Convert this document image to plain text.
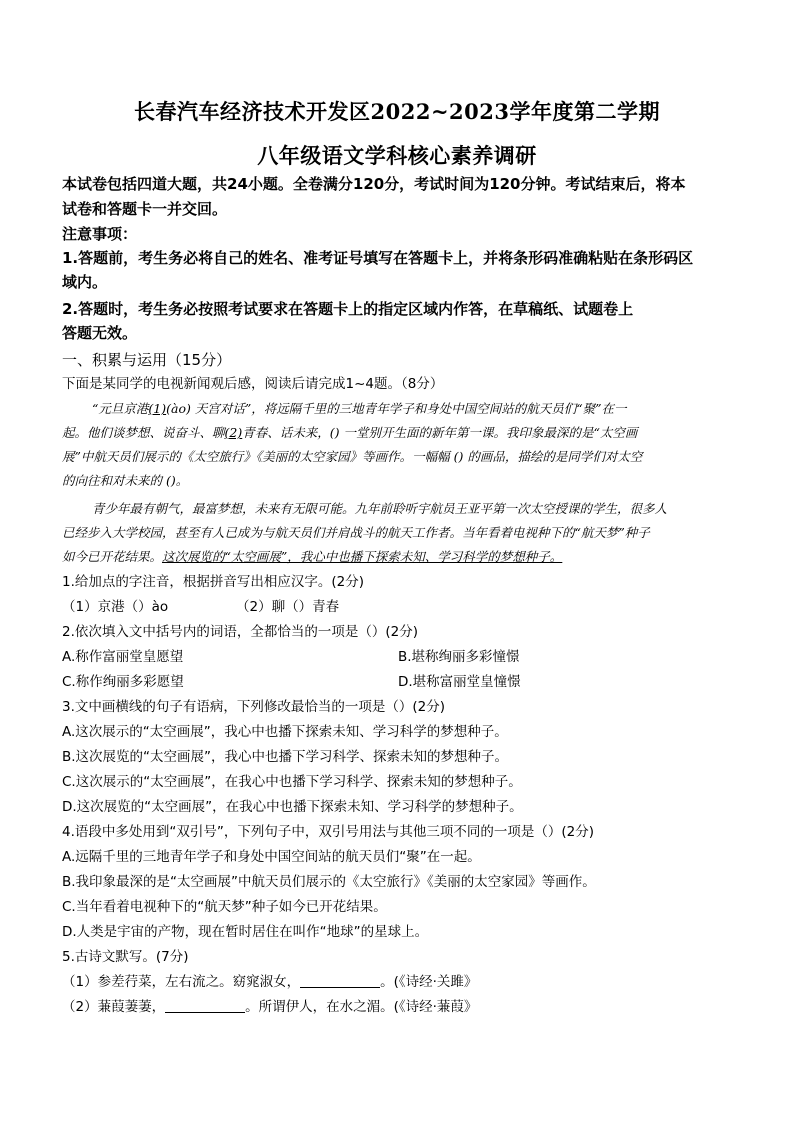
长春汽车经济技术开发区2022~2023学年度第二学期
八年级语文学科核心素养调研
本试卷包括四道大题，共24小题。全卷满分120分，考试时间为120分钟。考试结束后，将本
试卷和答题卡一并交回。
注意事项：
1.答题前，考生务必将自己的姓名、准考证号填写在答题卡上，并将条形码准确粘贴在条形码区
域内。
2.答题时，考生务必按照考试要求在答题卡上的指定区域内作答，在草稿纸、试题卷上
答题无效。
一、积累与运用（15分）
下面是某同学的电视新闻观后感，阅读后请完成1~4题。（8分）
“元旦京港(1)(ào) 天宫对话”，将远隔千里的三地青年学子和身处中国空间站的航天员们“聚”在一
起。他们谈梦想、说奋斗、聊(2)青春、话未来，() 一堂别开生面的新年第一课。我印象最深的是“太空画
展”中航天员们展示的《太空旅行》《美丽的太空家园》等画作。一幅幅 () 的画品，描绘的是同学们对太空
的向往和对未来的 ()。
青少年最有朝气，最富梦想，未来有无限可能。九年前聆听宇航员王亚平第一次太空授课的学生，很多人
已经步入大学校园，甚至有人已成为与航天员们并肩战斗的航天工作者。当年看着电视种下的“航天梦”种子
如今已开花结果。这次展览的“太空画展”，我心中也播下探索未知、学习科学的梦想种子。
1.给加点的字注音，根据拼音写出相应汉字。(2分)
（1）京港（）ào	（2）聊（）青春
2.依次填入文中括号内的词语，全都恰当的一项是（）(2分)
A.称作富丽堂皇愿望	B.堪称绚丽多彩憧憬
C.称作绚丽多彩愿望	D.堪称富丽堂皇憧憬
3.文中画横线的句子有语病，下列修改最恰当的一项是（）(2分)
A.这次展示的“太空画展”，我心中也播下探索未知、学习科学的梦想种子。
B.这次展览的“太空画展”，我心中也播下学习科学、探索未知的梦想种子。
C.这次展示的“太空画展”，在我心中也播下学习科学、探索未知的梦想种子。
D.这次展览的“太空画展”，在我心中也播下探索未知、学习科学的梦想种子。
4.语段中多处用到“双引号”，下列句子中，双引号用法与其他三项不同的一项是（）(2分)
A.远隔千里的三地青年学子和身处中国空间站的航天员们“聚”在一起。
B.我印象最深的是“太空画展”中航天员们展示的《太空旅行》《美丽的太空家园》等画作。
C.当年看着电视种下的“航天梦”种子如今已开花结果。
D.人类是宇宙的产物，现在暂时居住在叫作“地球”的星球上。
5.古诗文默写。(7分)
（1）参差荇菜，左右流之。窈窕淑女，	。(《诗经·关雎》
（2）蒹葭萋萋，	。所谓伊人，在水之湄。(《诗经·蒹葭》
